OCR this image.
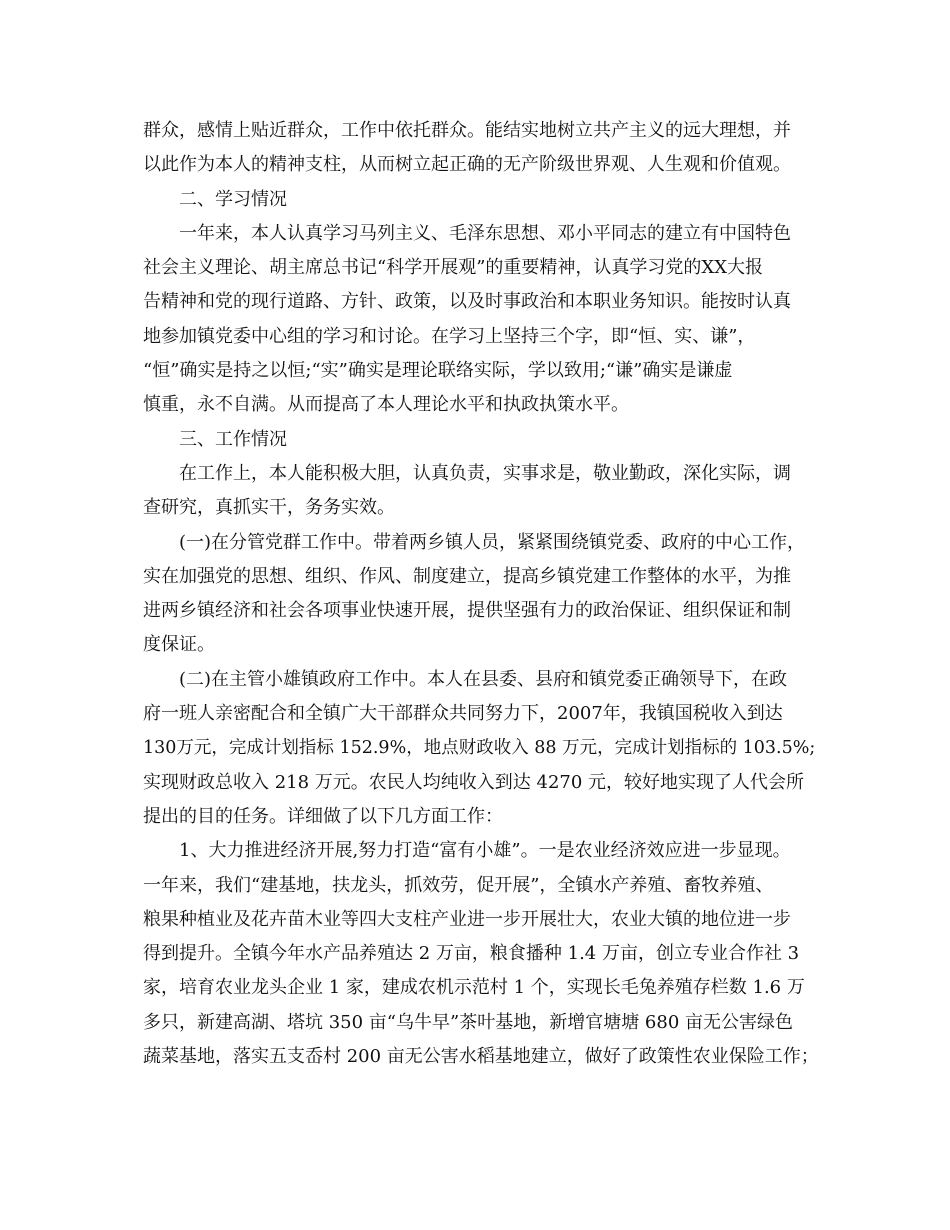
群众，感情上贴近群众，工作中依托群众。能结实地树立共产主义的远大理想，并
以此作为本人的精神支柱，从而树立起正确的无产阶级世界观、人生观和价值观。
二、学习情况
一年来，本人认真学习马列主义、毛泽东思想、邓小平同志的建立有中国特色
社会主义理论、胡主席总书记“科学开展观”的重要精神，认真学习党的XX大报
告精神和党的现行道路、方针、政策，以及时事政治和本职业务知识。能按时认真
地参加镇党委中心组的学习和讨论。在学习上坚持三个字，即“恒、实、谦”，
“恒”确实是持之以恒;“实”确实是理论联络实际，学以致用;“谦”确实是谦虚
慎重，永不自满。从而提高了本人理论水平和执政执策水平。
三、工作情况
在工作上，本人能积极大胆，认真负责，实事求是，敬业勤政，深化实际，调
查研究，真抓实干，务务实效。
(一)在分管党群工作中。带着两乡镇人员，紧紧围绕镇党委、政府的中心工作，
实在加强党的思想、组织、作风、制度建立，提高乡镇党建工作整体的水平，为推
进两乡镇经济和社会各项事业快速开展，提供坚强有力的政治保证、组织保证和制
度保证。
(二)在主管小雄镇政府工作中。本人在县委、县府和镇党委正确领导下，在政
府一班人亲密配合和全镇广大干部群众共同努力下，2007年，我镇国税收入到达
130万元，完成计划指标 152.9%，地点财政收入 88 万元，完成计划指标的 103.5%;
实现财政总收入 218 万元。农民人均纯收入到达 4270 元，较好地实现了人代会所
提出的目的任务。详细做了以下几方面工作：
1、大力推进经济开展,努力打造“富有小雄”。一是农业经济效应进一步显现。
一年来，我们“建基地，扶龙头，抓效劳，促开展”，全镇水产养殖、畜牧养殖、
粮果种植业及花卉苗木业等四大支柱产业进一步开展壮大，农业大镇的地位进一步
得到提升。全镇今年水产品养殖达 2 万亩，粮食播种 1.4 万亩，创立专业合作社 3
家，培育农业龙头企业 1 家，建成农机示范村 1 个，实现长毛兔养殖存栏数 1.6 万
多只，新建高湖、塔坑 350 亩“乌牛早”茶叶基地，新增官塘塘 680 亩无公害绿色
蔬菜基地，落实五支岙村 200 亩无公害水稻基地建立，做好了政策性农业保险工作；
